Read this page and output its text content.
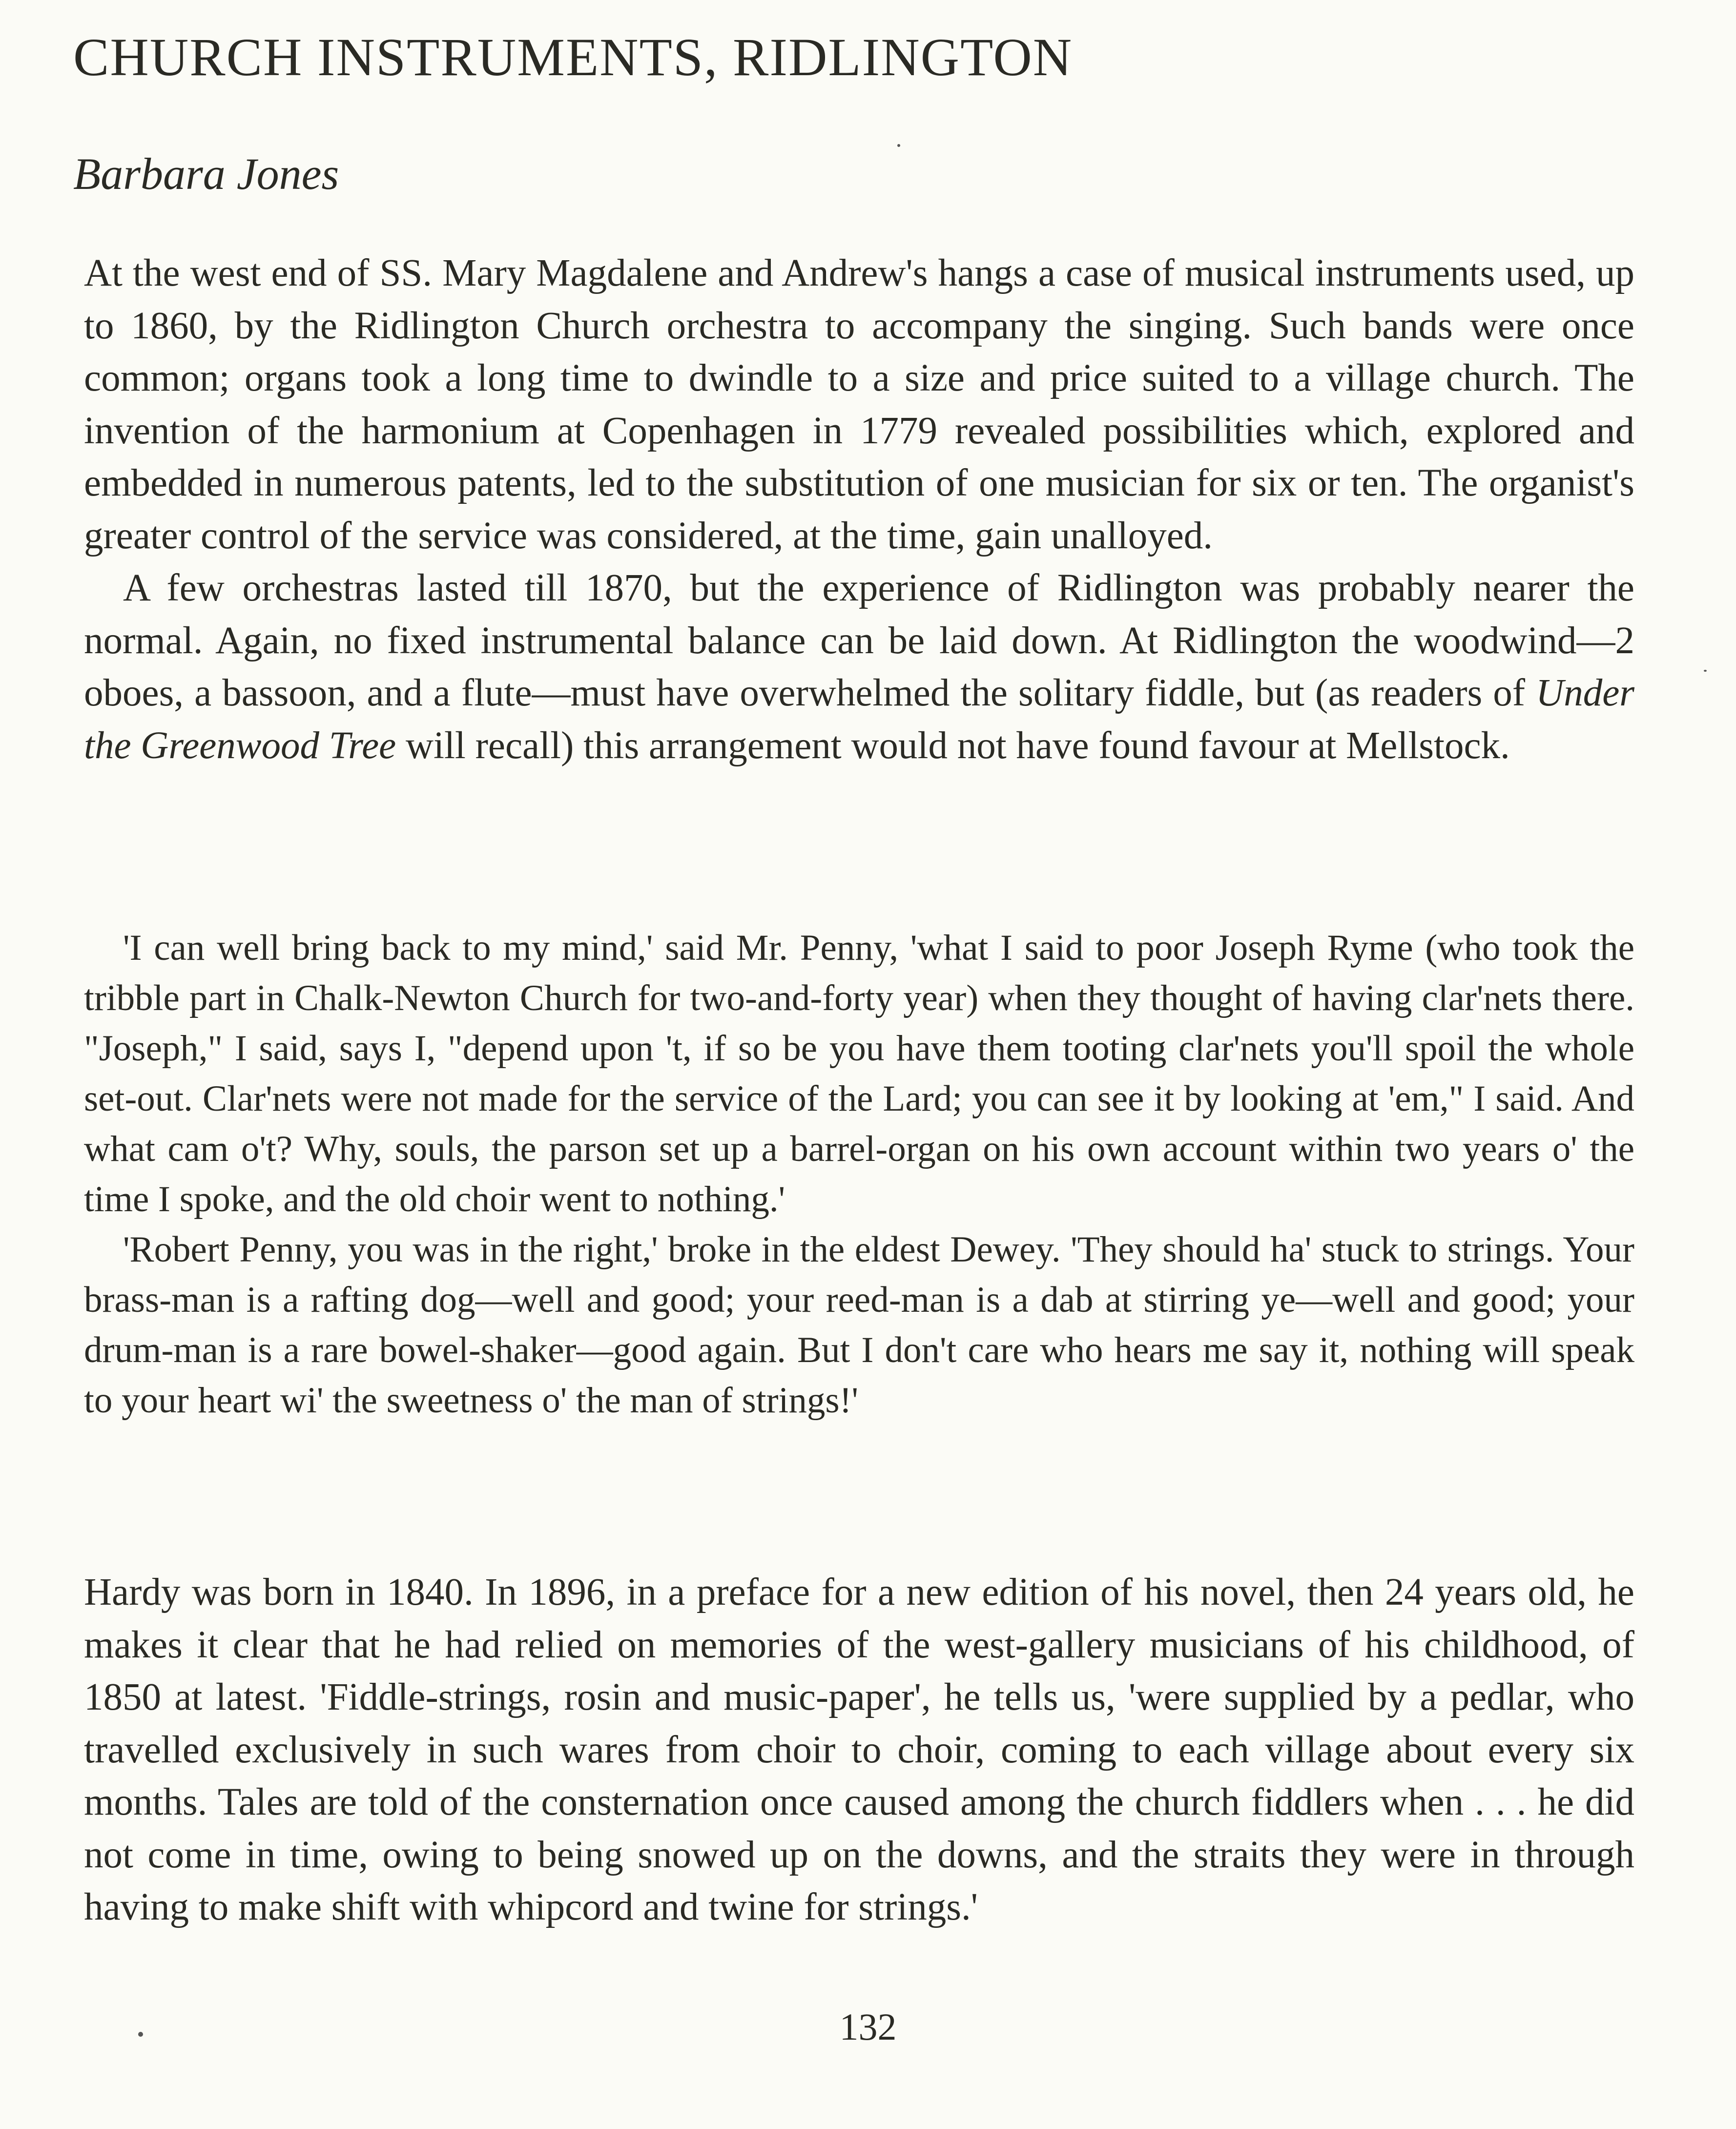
CHURCH INSTRUMENTS, RIDLINGTON
Barbara Jones

At the west end of SS. Mary Magdalene and Andrew's hangs a case of musical instruments used, up to 1860, by the Ridlington Church orchestra to accompany the singing. Such bands were once common; organs took a long time to dwindle to a size and price suited to a village church. The invention of the harmonium at Copenhagen in 1779 revealed possibilities which, explored and embedded in numerous patents, led to the substitution of one musician for six or ten. The organist's greater control of the service was considered, at the time, gain unalloyed.

A few orchestras lasted till 1870, but the experience of Ridlington was probably nearer the normal. Again, no fixed instrumental balance can be laid down. At Ridlington the woodwind—2 oboes, a bassoon, and a flute—must have overwhelmed the solitary fiddle, but (as readers of Under the Greenwood Tree will recall) this arrangement would not have found favour at Mellstock.

'I can well bring back to my mind,' said Mr. Penny, 'what I said to poor Joseph Ryme (who took the tribble part in Chalk-Newton Church for two-and-forty year) when they thought of having clar'nets there. "Joseph," I said, says I, "depend upon 't, if so be you have them tooting clar'nets you'll spoil the whole set-out. Clar'nets were not made for the service of the Lard; you can see it by looking at 'em," I said. And what cam o't? Why, souls, the parson set up a barrel-organ on his own account within two years o' the time I spoke, and the old choir went to nothing.'

'Robert Penny, you was in the right,' broke in the eldest Dewey. 'They should ha' stuck to strings. Your brass-man is a rafting dog—well and good; your reed-man is a dab at stirring ye—well and good; your drum-man is a rare bowel-shaker—good again. But I don't care who hears me say it, nothing will speak to your heart wi' the sweetness o' the man of strings!'

Hardy was born in 1840. In 1896, in a preface for a new edition of his novel, then 24 years old, he makes it clear that he had relied on memories of the west-gallery musicians of his childhood, of 1850 at latest. 'Fiddle-strings, rosin and music-paper', he tells us, 'were supplied by a pedlar, who travelled exclusively in such wares from choir to choir, coming to each village about every six months. Tales are told of the consternation once caused among the church fiddlers when . . . he did not come in time, owing to being snowed up on the downs, and the straits they were in through having to make shift with whipcord and twine for strings.'

132
